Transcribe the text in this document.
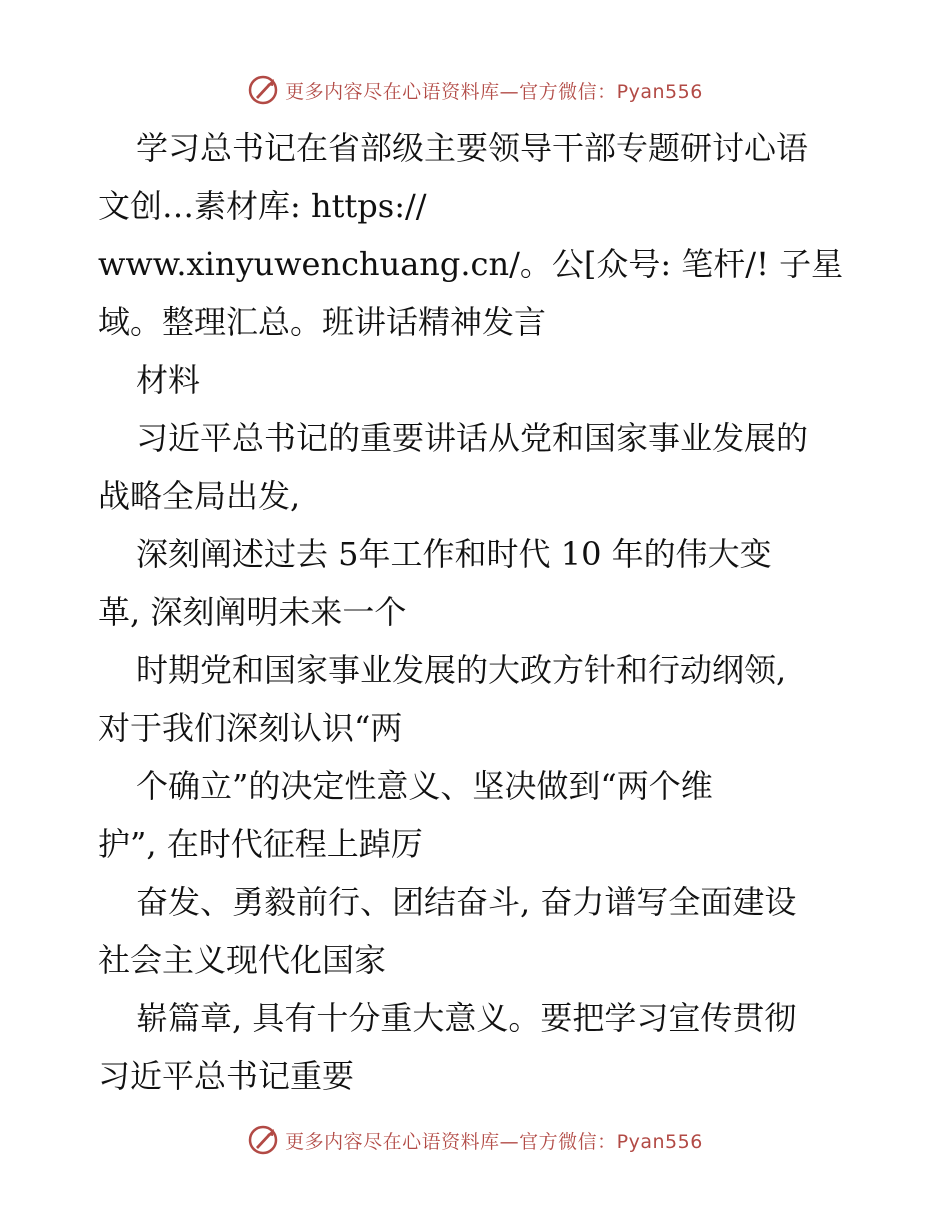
更多内容尽在心语资料库—官方微信：Pyan556
学习总书记在省部级主要领导干部专题研讨心语
文创…素材库: https://
www.xinyuwenchuang.cn/。公[众号: 笔杆/! 子星
域。整理汇总。班讲话精神发言
材料
习近平总书记的重要讲话从党和国家事业发展的
战略全局出发,
深刻阐述过去 5年工作和时代 10 年的伟大变
革, 深刻阐明未来一个
时期党和国家事业发展的大政方针和行动纲领,
对于我们深刻认识“两
个确立”的决定性意义、坚决做到“两个维
护”, 在时代征程上踔厉
奋发、勇毅前行、团结奋斗, 奋力谱写全面建设
社会主义现代化国家
崭篇章, 具有十分重大意义。要把学习宣传贯彻
习近平总书记重要
更多内容尽在心语资料库—官方微信：Pyan556
